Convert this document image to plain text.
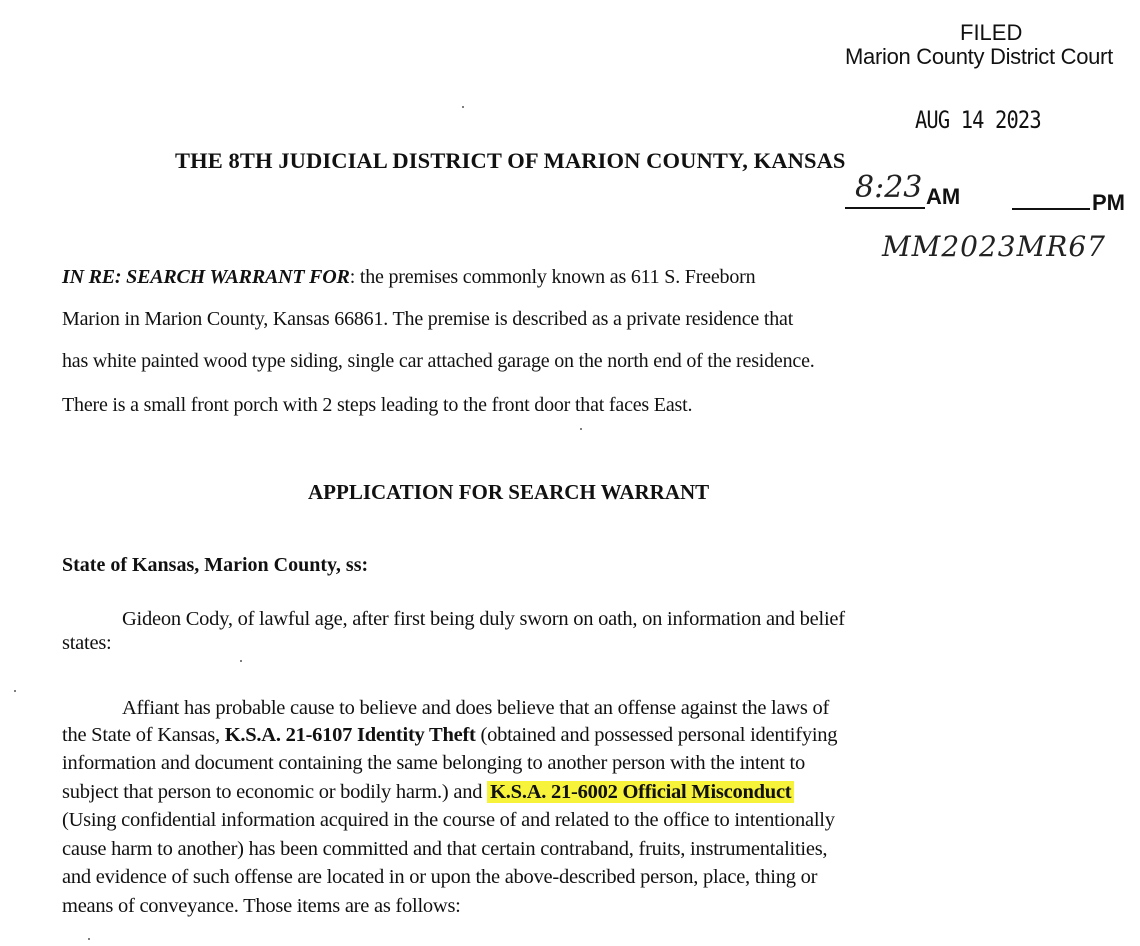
FILED
Marion County District Court
AUG 14 2023
THE 8TH JUDICIAL DISTRICT OF MARION COUNTY, KANSAS
8:23 AM	PM
MM2023MR67
IN RE: SEARCH WARRANT FOR: the premises commonly known as 611 S. Freeborn
Marion in Marion County, Kansas 66861. The premise is described as a private residence that
has white painted wood type siding, single car attached garage on the north end of the residence.
There is a small front porch with 2 steps leading to the front door that faces East.
APPLICATION FOR SEARCH WARRANT
State of Kansas, Marion County, ss:
Gideon Cody, of lawful age, after first being duly sworn on oath, on information and belief
states:
Affiant has probable cause to believe and does believe that an offense against the laws of
the State of Kansas, K.S.A. 21-6107 Identity Theft (obtained and possessed personal identifying
information and document containing the same belonging to another person with the intent to
subject that person to economic or bodily harm.) and K.S.A. 21-6002 Official Misconduct
(Using confidential information acquired in the course of and related to the office to intentionally
cause harm to another) has been committed and that certain contraband, fruits, instrumentalities,
and evidence of such offense are located in or upon the above-described person, place, thing or
means of conveyance. Those items are as follows:
